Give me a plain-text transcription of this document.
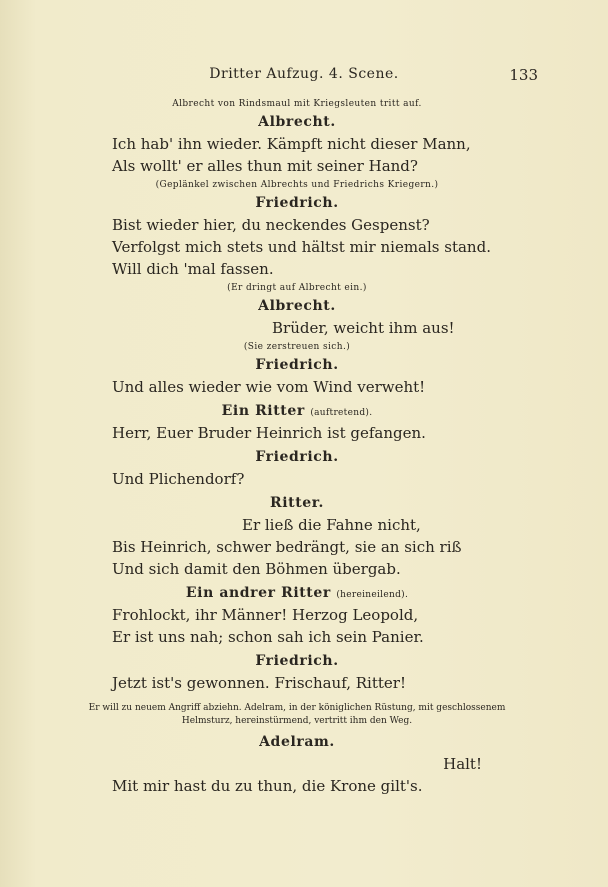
Dritter Aufzug. 4. Scene.	133
Albrecht von Rindsmaul mit Kriegsleuten tritt auf.
Albrecht.
Ich hab' ihn wieder. Kämpft nicht dieser Mann,
Als wollt' er alles thun mit seiner Hand?
(Geplänkel zwischen Albrechts und Friedrichs Kriegern.)
Friedrich.
Bist wieder hier, du neckendes Gespenst?
Verfolgst mich stets und hältst mir niemals stand.
Will dich 'mal fassen.
(Er dringt auf Albrecht ein.)
Albrecht.
Brüder, weicht ihm aus!
(Sie zerstreuen sich.)
Friedrich.
Und alles wieder wie vom Wind verweht!
Ein Ritter (auftretend).
Herr, Euer Bruder Heinrich ist gefangen.
Friedrich.
Und Plichendorf?
Ritter.
Er ließ die Fahne nicht,
Bis Heinrich, schwer bedrängt, sie an sich riß
Und sich damit den Böhmen übergab.
Ein andrer Ritter (hereineilend).
Frohlockt, ihr Männer! Herzog Leopold,
Er ist uns nah; schon sah ich sein Panier.
Friedrich.
Jetzt ist's gewonnen. Frischauf, Ritter!
Er will zu neuem Angriff abziehn. Adelram, in der königlichen Rüstung, mit geschlossenem Helmsturz, hereinstürmend, vertritt ihm den Weg.
Adelram.
Halt!
Mit mir hast du zu thun, die Krone gilt's.
